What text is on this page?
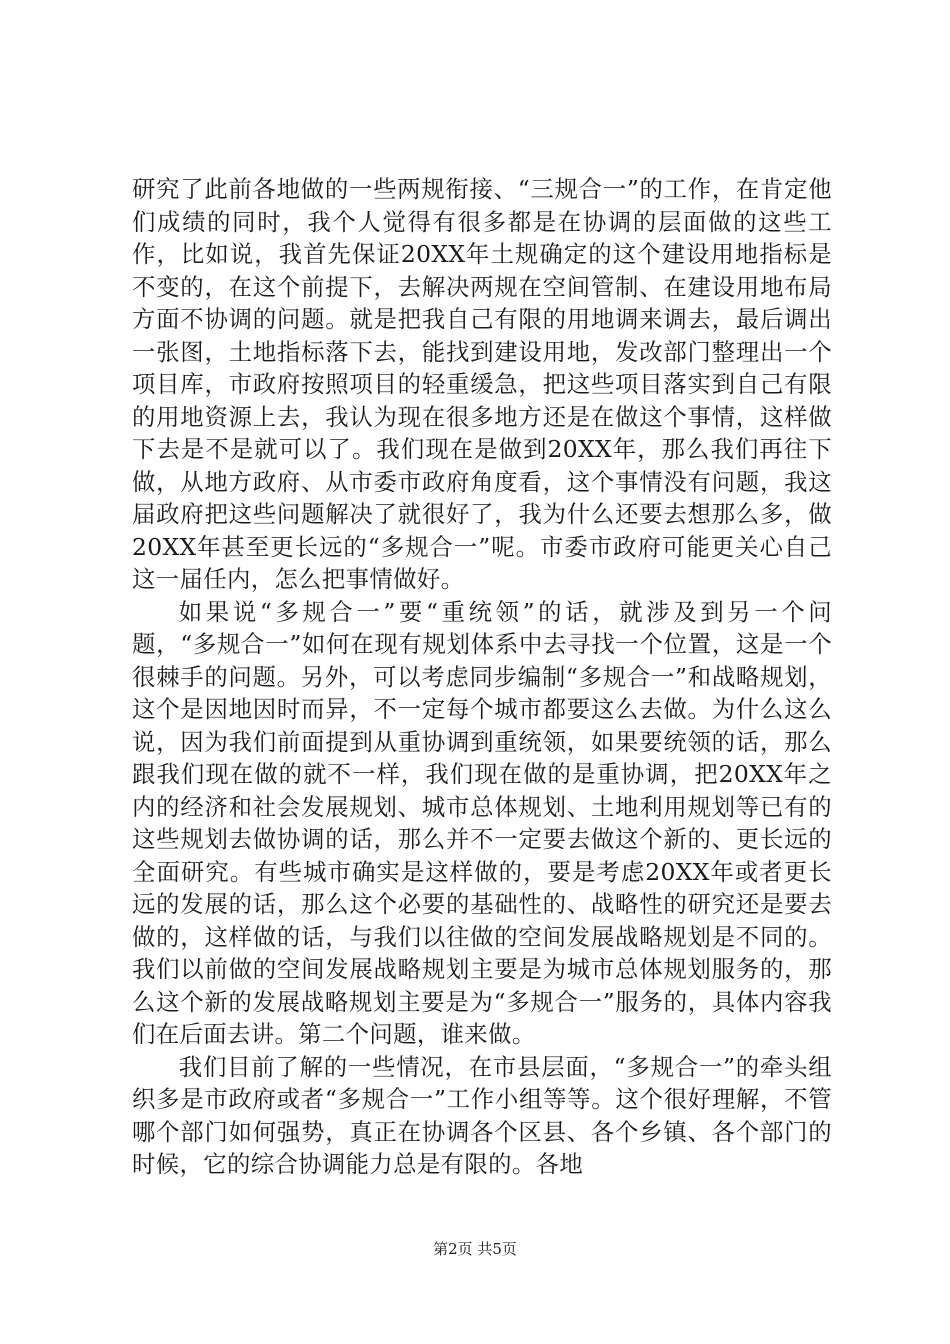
研究了此前各地做的一些两规衔接、“三规合一”的工作，在肯定他们成绩的同时，我个人觉得有很多都是在协调的层面做的这些工作，比如说，我首先保证20XX年土规确定的这个建设用地指标是不变的，在这个前提下，去解决两规在空间管制、在建设用地布局方面不协调的问题。就是把我自己有限的用地调来调去，最后调出一张图，土地指标落下去，能找到建设用地，发改部门整理出一个项目库，市政府按照项目的轻重缓急，把这些项目落实到自己有限的用地资源上去，我认为现在很多地方还是在做这个事情，这样做下去是不是就可以了。我们现在是做到20XX年，那么我们再往下做，从地方政府、从市委市政府角度看，这个事情没有问题，我这届政府把这些问题解决了就很好了，我为什么还要去想那么多，做20XX年甚至更长远的“多规合一”呢。市委市政府可能更关心自己这一届任内，怎么把事情做好。

如果说“多规合一”要“重统领”的话，就涉及到另一个问题，“多规合一”如何在现有规划体系中去寻找一个位置，这是一个很棘手的问题。另外，可以考虑同步编制“多规合一”和战略规划，这个是因地因时而异，不一定每个城市都要这么去做。为什么这么说，因为我们前面提到从重协调到重统领，如果要统领的话，那么跟我们现在做的就不一样，我们现在做的是重协调，把20XX年之内的经济和社会发展规划、城市总体规划、土地利用规划等已有的这些规划去做协调的话，那么并不一定要去做这个新的、更长远的全面研究。有些城市确实是这样做的，要是考虑20XX年或者更长远的发展的话，那么这个必要的基础性的、战略性的研究还是要去做的，这样做的话，与我们以往做的空间发展战略规划是不同的。我们以前做的空间发展战略规划主要是为城市总体规划服务的，那么这个新的发展战略规划主要是为“多规合一”服务的，具体内容我们在后面去讲。第二个问题，谁来做。

我们目前了解的一些情况，在市县层面，“多规合一”的牵头组织多是市政府或者“多规合一”工作小组等等。这个很好理解，不管哪个部门如何强势，真正在协调各个区县、各个乡镇、各个部门的时候，它的综合协调能力总是有限的。各地

第2页 共5页
